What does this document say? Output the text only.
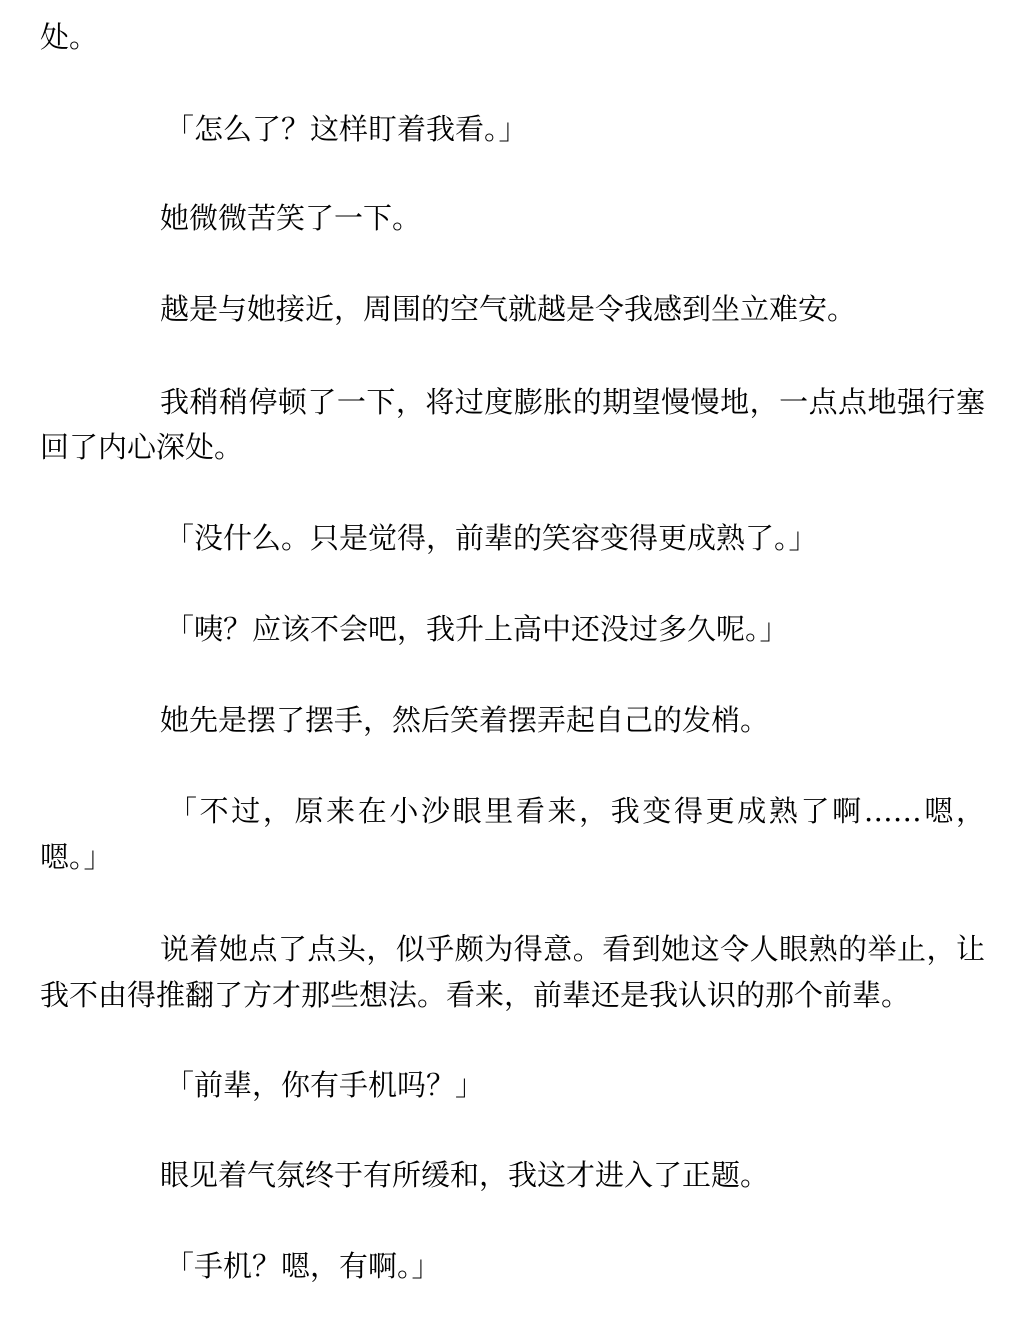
处。
「怎么了？这样盯着我看。」
她微微苦笑了一下。
越是与她接近，周围的空气就越是令我感到坐立难安。
我稍稍停顿了一下，将过度膨胀的期望慢慢地，一点点地强行塞
回了内心深处。
「没什么。只是觉得，前辈的笑容变得更成熟了。」
「咦？应该不会吧，我升上高中还没过多久呢。」
她先是摆了摆手，然后笑着摆弄起自己的发梢。
「不过，原来在小沙眼里看来，我变得更成熟了啊……嗯，
嗯。」
说着她点了点头，似乎颇为得意。看到她这令人眼熟的举止，让
我不由得推翻了方才那些想法。看来，前辈还是我认识的那个前辈。
「前辈，你有手机吗？」
眼见着气氛终于有所缓和，我这才进入了正题。
「手机？嗯，有啊。」
